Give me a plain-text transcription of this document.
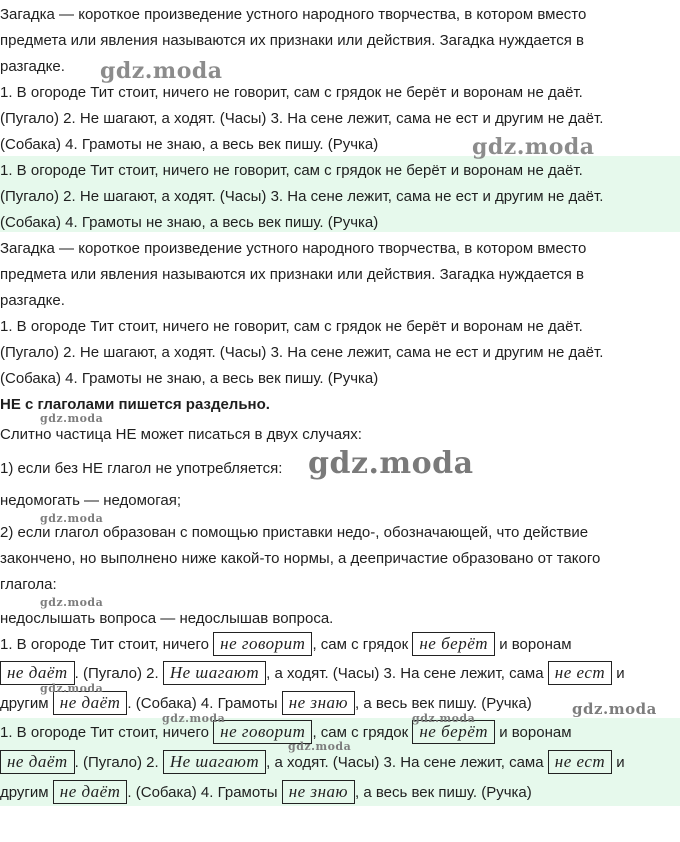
Загадка — короткое произведение устного народного творчества, в котором вместо
предмета или явления называются их признаки или действия. Загадка нуждается в
разгадке.
1. В огороде Тит стоит, ничего не говорит, сам с грядок не берёт и воронам не даёт.
(Пугало) 2. Не шагают, а ходят. (Часы) 3. На сене лежит, сама не ест и другим не даёт.
(Собака) 4. Грамоты не знаю, а весь век пишу. (Ручка)
1. В огороде Тит стоит, ничего не говорит, сам с грядок не берёт и воронам не даёт.
(Пугало) 2. Не шагают, а ходят. (Часы) 3. На сене лежит, сама не ест и другим не даёт.
(Собака) 4. Грамоты не знаю, а весь век пишу. (Ручка)
Загадка — короткое произведение устного народного творчества, в котором вместо
предмета или явления называются их признаки или действия. Загадка нуждается в
разгадке.
1. В огороде Тит стоит, ничего не говорит, сам с грядок не берёт и воронам не даёт.
(Пугало) 2. Не шагают, а ходят. (Часы) 3. На сене лежит, сама не ест и другим не даёт.
(Собака) 4. Грамоты не знаю, а весь век пишу. (Ручка)
НЕ с глаголами пишется раздельно.
Слитно частица НЕ может писаться в двух случаях:
1) если без НЕ глагол не употребляется:
недомогать — недомогая;
2) если глагол образован с помощью приставки недо-, обозначающей, что действие
закончено, но выполнено ниже какой-то нормы, а деепричастие образовано от такого
глагола:
недослышать вопроса — недослышав вопроса.
1. В огороде Тит стоит, ничего не говорит , сам с грядок не берёт и воронам
не даёт . (Пугало) 2. Не шагают , а ходят. (Часы) 3. На сене лежит, сама не ест и
другим не даёт . (Собака) 4. Грамоты не знаю , а весь век пишу. (Ручка)
1. В огороде Тит стоит, ничего не говорит , сам с грядок не берёт и воронам
не даёт . (Пугало) 2. Не шагают , а ходят. (Часы) 3. На сене лежит, сама не ест и
другим не даёт . (Собака) 4. Грамоты не знаю , а весь век пишу. (Ручка)
gdz.moda
gdz.moda
gdz.moda
gdz.moda
gdz.moda
gdz.moda
gdz.moda
gdz.moda
gdz.moda	gdz.moda
gdz.moda
